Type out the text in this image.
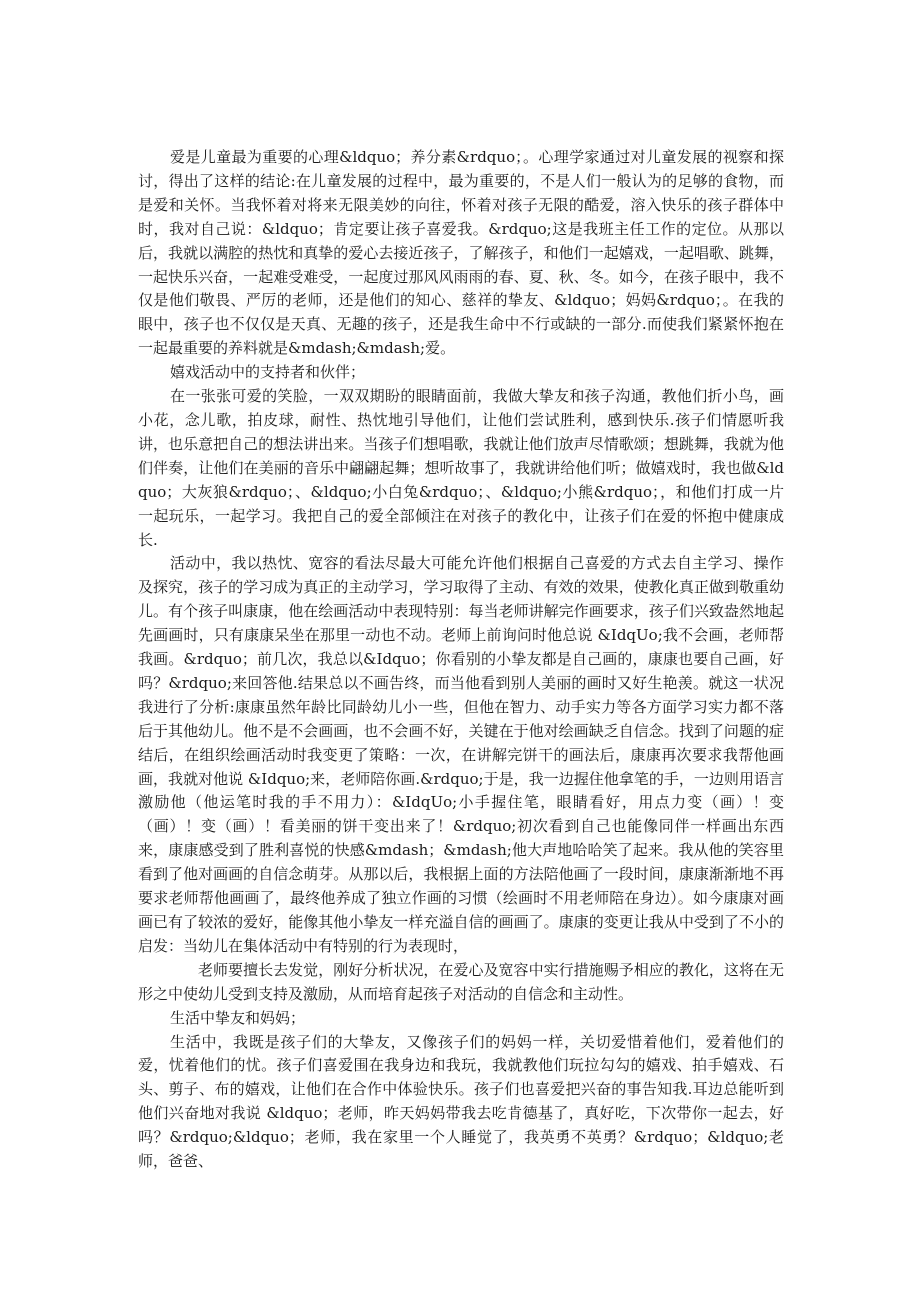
爱是儿童最为重要的心理&ldquo；养分素&rdquo；。心理学家通过对儿童发展的视察和探讨，得出了这样的结论:在儿童发展的过程中，最为重要的，不是人们一般认为的足够的食物，而是爱和关怀。当我怀着对将来无限美妙的向往，怀着对孩子无限的酷爱，溶入快乐的孩子群体中时，我对自己说：&ldquo；肯定要让孩子喜爱我。&rdquo;这是我班主任工作的定位。从那以后，我就以满腔的热忱和真挚的爱心去接近孩子，了解孩子，和他们一起嬉戏，一起唱歌、跳舞，一起快乐兴奋，一起难受难受，一起度过那风风雨雨的春、夏、秋、冬。如今，在孩子眼中，我不仅是他们敬畏、严厉的老师，还是他们的知心、慈祥的挚友、&ldquo；妈妈&rdquo；。在我的眼中，孩子也不仅仅是天真、无趣的孩子，还是我生命中不行或缺的一部分.而使我们紧紧怀抱在一起最重要的养料就是&mdash;&mdash;爱。

嬉戏活动中的支持者和伙伴；

在一张张可爱的笑脸，一双双期盼的眼睛面前，我做大挚友和孩子沟通，教他们折小鸟，画小花，念儿歌，拍皮球，耐性、热忱地引导他们，让他们尝试胜利，感到快乐.孩子们情愿听我讲，也乐意把自己的想法讲出来。当孩子们想唱歌，我就让他们放声尽情歌颂；想跳舞，我就为他们伴奏，让他们在美丽的音乐中翩翩起舞；想听故事了，我就讲给他们听；做嬉戏时，我也做&ldquo；大灰狼&rdquo；、&ldquo;小白兔&rdquo；、&ldquo;小熊&rdquo；，和他们打成一片一起玩乐，一起学习。我把自己的爱全部倾注在对孩子的教化中，让孩子们在爱的怀抱中健康成长.

活动中，我以热忱、宽容的看法尽最大可能允许他们根据自己喜爱的方式去自主学习、操作及探究，孩子的学习成为真正的主动学习，学习取得了主动、有效的效果，使教化真正做到敬重幼儿。有个孩子叫康康，他在绘画活动中表现特别：每当老师讲解完作画要求，孩子们兴致盎然地起先画画时，只有康康呆坐在那里一动也不动。老师上前询问时他总说 &IdqUo;我不会画，老师帮我画。&rdquo；前几次，我总以&Idquo；你看别的小挚友都是自己画的，康康也要自己画，好吗？&rdquo;来回答他.结果总以不画告终，而当他看到别人美丽的画时又好生艳羡。就这一状况我进行了分析:康康虽然年龄比同龄幼儿小一些，但他在智力、动手实力等各方面学习实力都不落后于其他幼儿。他不是不会画画，也不会画不好，关键在于他对绘画缺乏自信念。找到了问题的症结后，在组织绘画活动时我变更了策略：一次，在讲解完饼干的画法后，康康再次要求我帮他画画，我就对他说 &Idquo;来，老师陪你画.&rdquo;于是，我一边握住他拿笔的手，一边则用语言激励他（他运笔时我的手不用力）：&IdqUo;小手握住笔，眼睛看好，用点力变（画）！变（画）！变（画）！看美丽的饼干变出来了！&rdquo;初次看到自己也能像同伴一样画出东西来，康康感受到了胜利喜悦的快感&mdash；&mdash;他大声地哈哈笑了起来。我从他的笑容里看到了他对画画的自信念萌芽。从那以后，我根据上面的方法陪他画了一段时间，康康渐渐地不再要求老师帮他画画了，最终他养成了独立作画的习惯（绘画时不用老师陪在身边）。如今康康对画画已有了较浓的爱好，能像其他小挚友一样充溢自信的画画了。康康的变更让我从中受到了不小的启发：当幼儿在集体活动中有特别的行为表现时，

老师要擅长去发觉，刚好分析状况，在爱心及宽容中实行措施赐予相应的教化，这将在无形之中使幼儿受到支持及激励，从而培育起孩子对活动的自信念和主动性。

生活中挚友和妈妈；

生活中，我既是孩子们的大挚友，又像孩子们的妈妈一样，关切爱惜着他们，爱着他们的爱，忧着他们的忧。孩子们喜爱围在我身边和我玩，我就教他们玩拉勾勾的嬉戏、拍手嬉戏、石头、剪子、布的嬉戏，让他们在合作中体验快乐。孩子们也喜爱把兴奋的事告知我.耳边总能听到他们兴奋地对我说 &ldquo；老师，昨天妈妈带我去吃肯德基了，真好吃，下次带你一起去，好吗？&rdquo;&ldquo；老师，我在家里一个人睡觉了，我英勇不英勇？&rdquo；&ldquo;老师，爸爸、
